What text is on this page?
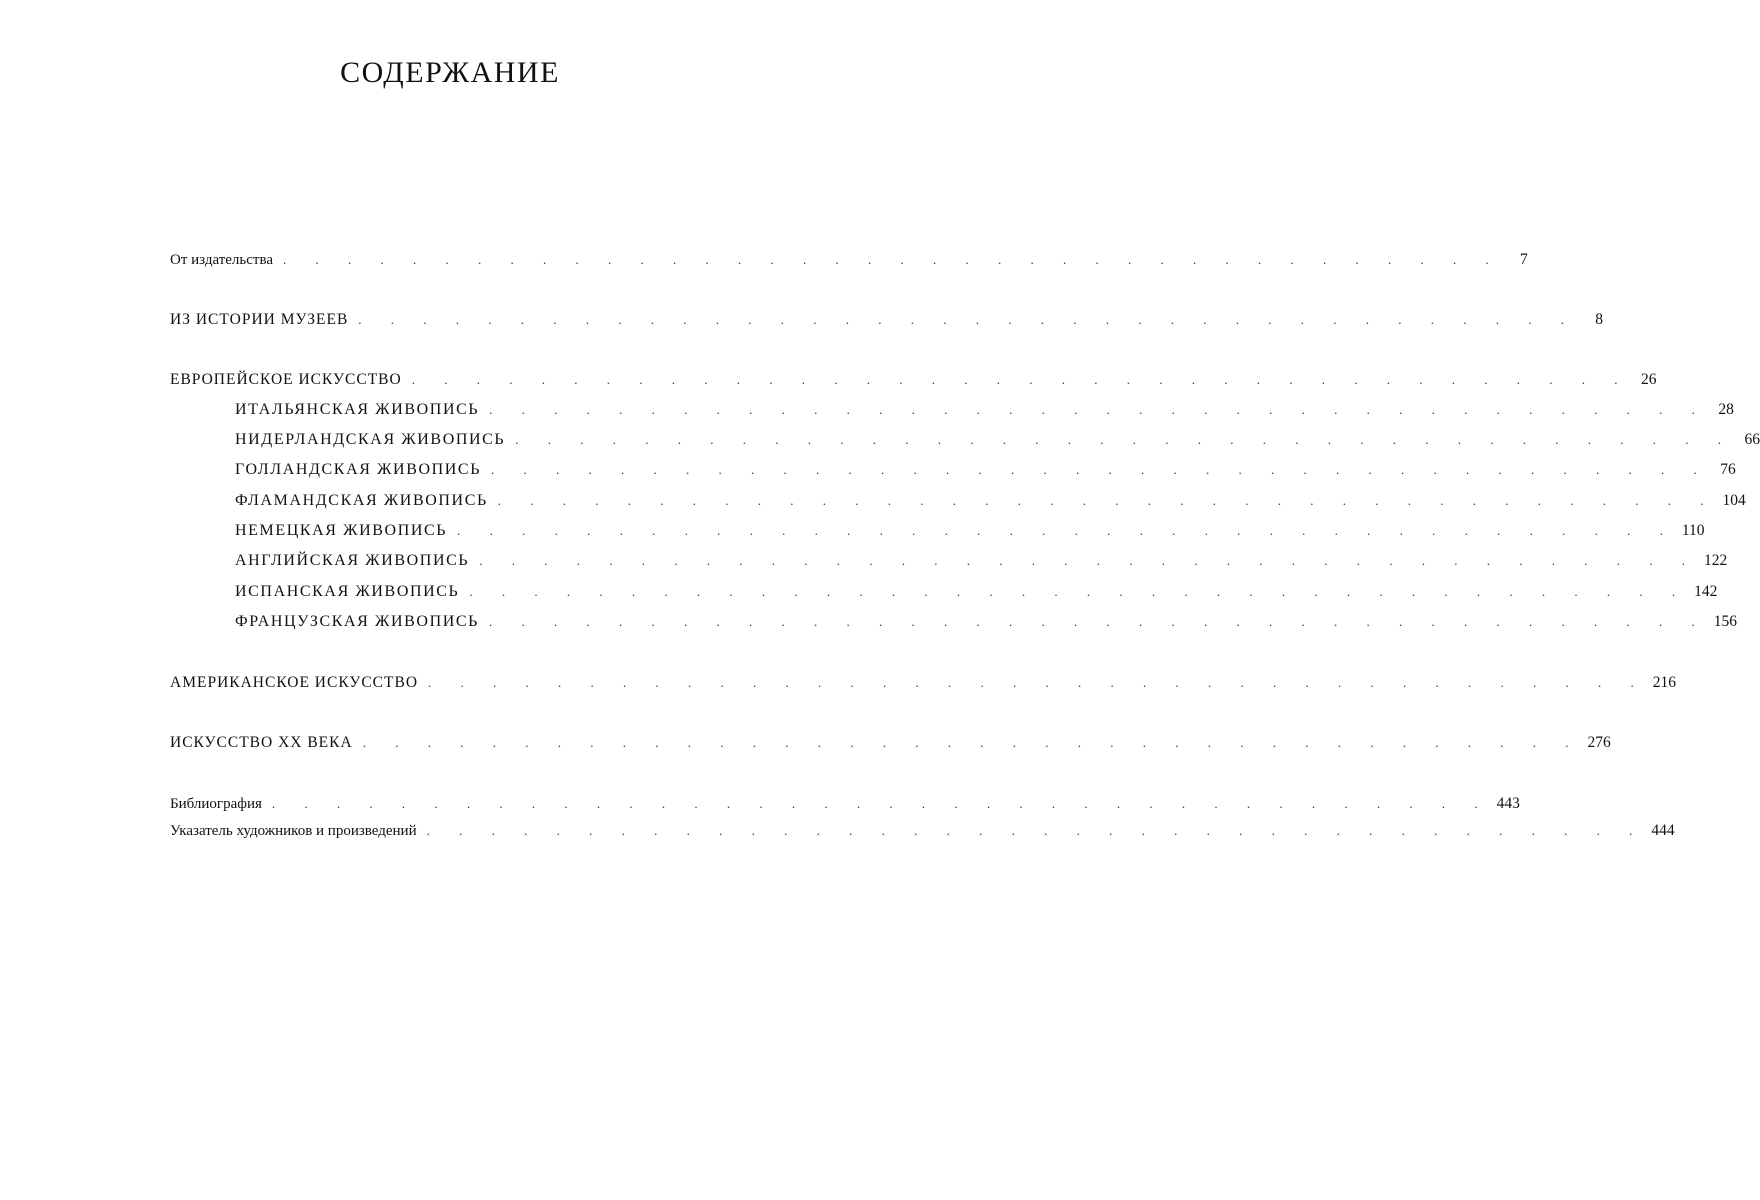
СОДЕРЖАНИЕ
От издательства . . . . . . . . . . . . . . . . . . . . . . . . . . . . . . . . . . . . . .	7
ИЗ ИСТОРИИ МУЗЕЕВ . . . . . . . . . . . . . . . . . . . . . . . . . . . . . . . . . . . . . .	8
ЕВРОПЕЙСКОЕ ИСКУССТВО . . . . . . . . . . . . . . . . . . . . . . . . . . . . . . . . . . . . . . 26
ИТАЛЬЯНСКАЯ ЖИВОПИСЬ . . . . . . . . . . . . . . . . . . . . . . . . . . . . . . . . . . . . . . 28
НИДЕРЛАНДСКАЯ ЖИВОПИСЬ . . . . . . . . . . . . . . . . . . . . . . . . . . . . . . . . . . . . . . 66
ГОЛЛАНДСКАЯ ЖИВОПИСЬ . . . . . . . . . . . . . . . . . . . . . . . . . . . . . . . . . . . . . . 76
ФЛАМАНДСКАЯ ЖИВОПИСЬ . . . . . . . . . . . . . . . . . . . . . . . . . . . . . . . . . . . . . . 104
НЕМЕЦКАЯ ЖИВОПИСЬ . . . . . . . . . . . . . . . . . . . . . . . . . . . . . . . . . . . . . . 110
АНГЛИЙСКАЯ ЖИВОПИСЬ . . . . . . . . . . . . . . . . . . . . . . . . . . . . . . . . . . . . . . 122
ИСПАНСКАЯ ЖИВОПИСЬ . . . . . . . . . . . . . . . . . . . . . . . . . . . . . . . . . . . . . . 142
ФРАНЦУЗСКАЯ ЖИВОПИСЬ . . . . . . . . . . . . . . . . . . . . . . . . . . . . . . . . . . . . . . 156
АМЕРИКАНСКОЕ ИСКУССТВО . . . . . . . . . . . . . . . . . . . . . . . . . . . . . . . . . . . . . . 216
ИСКУССТВО XX ВЕКА . . . . . . . . . . . . . . . . . . . . . . . . . . . . . . . . . . . . . . 276
Библиография . . . . . . . . . . . . . . . . . . . . . . . . . . . . . . . . . . . . . . 443
Указатель художников и произведений . . . . . . . . . . . . . . . . . . . . . . . . . . . . . . . . . . . . . . 444
